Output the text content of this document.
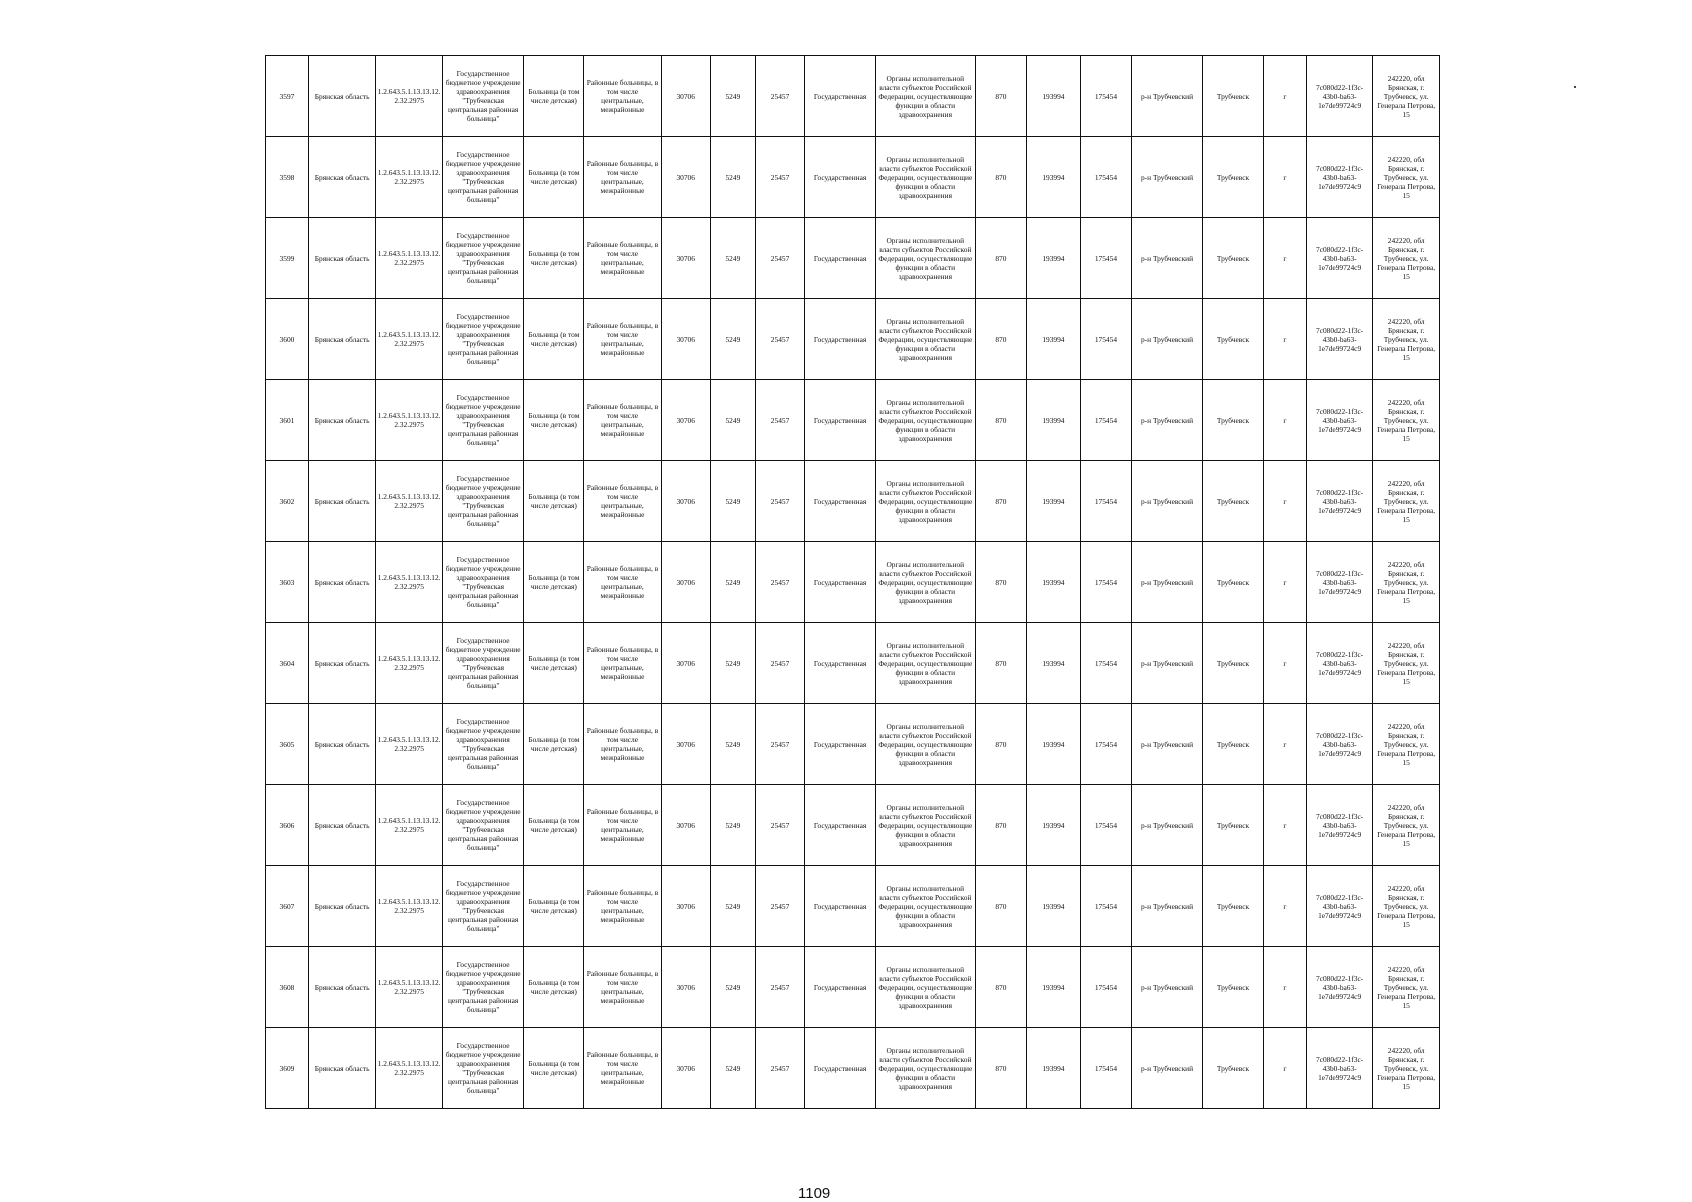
3597	Брянская область	1.2.643.5.1.13.13.12.2.32.2975	Государственное бюджетное учреждение здравоохранения "Трубчевская центральная районная больница"	Больница (в том числе детская)	Районные больницы, в том числе центральные, межрайонные	30706	5249	25457	Государственная	Органы исполнительной власти субъектов Российской Федерации, осуществляющие функции в области здравоохранения	870	193994	175454	р-н Трубчевский	Трубчевск	г	7c080d22-1f3c-43b0-ba63-1e7de99724c9	242220, обл Брянская, г. Трубчевск, ул. Генерала Петрова, 15
3598	Брянская область	1.2.643.5.1.13.13.12.2.32.2975	Государственное бюджетное учреждение здравоохранения "Трубчевская центральная районная больница"	Больница (в том числе детская)	Районные больницы, в том числе центральные, межрайонные	30706	5249	25457	Государственная	Органы исполнительной власти субъектов Российской Федерации, осуществляющие функции в области здравоохранения	870	193994	175454	р-н Трубчевский	Трубчевск	г	7c080d22-1f3c-43b0-ba63-1e7de99724c9	242220, обл Брянская, г. Трубчевск, ул. Генерала Петрова, 15
3599	Брянская область	1.2.643.5.1.13.13.12.2.32.2975	Государственное бюджетное учреждение здравоохранения "Трубчевская центральная районная больница"	Больница (в том числе детская)	Районные больницы, в том числе центральные, межрайонные	30706	5249	25457	Государственная	Органы исполнительной власти субъектов Российской Федерации, осуществляющие функции в области здравоохранения	870	193994	175454	р-н Трубчевский	Трубчевск	г	7c080d22-1f3c-43b0-ba63-1e7de99724c9	242220, обл Брянская, г. Трубчевск, ул. Генерала Петрова, 15
3600	Брянская область	1.2.643.5.1.13.13.12.2.32.2975	Государственное бюджетное учреждение здравоохранения "Трубчевская центральная районная больница"	Больница (в том числе детская)	Районные больницы, в том числе центральные, межрайонные	30706	5249	25457	Государственная	Органы исполнительной власти субъектов Российской Федерации, осуществляющие функции в области здравоохранения	870	193994	175454	р-н Трубчевский	Трубчевск	г	7c080d22-1f3c-43b0-ba63-1e7de99724c9	242220, обл Брянская, г. Трубчевск, ул. Генерала Петрова, 15
3601	Брянская область	1.2.643.5.1.13.13.12.2.32.2975	Государственное бюджетное учреждение здравоохранения "Трубчевская центральная районная больница"	Больница (в том числе детская)	Районные больницы, в том числе центральные, межрайонные	30706	5249	25457	Государственная	Органы исполнительной власти субъектов Российской Федерации, осуществляющие функции в области здравоохранения	870	193994	175454	р-н Трубчевский	Трубчевск	г	7c080d22-1f3c-43b0-ba63-1e7de99724c9	242220, обл Брянская, г. Трубчевск, ул. Генерала Петрова, 15
3602	Брянская область	1.2.643.5.1.13.13.12.2.32.2975	Государственное бюджетное учреждение здравоохранения "Трубчевская центральная районная больница"	Больница (в том числе детская)	Районные больницы, в том числе центральные, межрайонные	30706	5249	25457	Государственная	Органы исполнительной власти субъектов Российской Федерации, осуществляющие функции в области здравоохранения	870	193994	175454	р-н Трубчевский	Трубчевск	г	7c080d22-1f3c-43b0-ba63-1e7de99724c9	242220, обл Брянская, г. Трубчевск, ул. Генерала Петрова, 15
3603	Брянская область	1.2.643.5.1.13.13.12.2.32.2975	Государственное бюджетное учреждение здравоохранения "Трубчевская центральная районная больница"	Больница (в том числе детская)	Районные больницы, в том числе центральные, межрайонные	30706	5249	25457	Государственная	Органы исполнительной власти субъектов Российской Федерации, осуществляющие функции в области здравоохранения	870	193994	175454	р-н Трубчевский	Трубчевск	г	7c080d22-1f3c-43b0-ba63-1e7de99724c9	242220, обл Брянская, г. Трубчевск, ул. Генерала Петрова, 15
3604	Брянская область	1.2.643.5.1.13.13.12.2.32.2975	Государственное бюджетное учреждение здравоохранения "Трубчевская центральная районная больница"	Больница (в том числе детская)	Районные больницы, в том числе центральные, межрайонные	30706	5249	25457	Государственная	Органы исполнительной власти субъектов Российской Федерации, осуществляющие функции в области здравоохранения	870	193994	175454	р-н Трубчевский	Трубчевск	г	7c080d22-1f3c-43b0-ba63-1e7de99724c9	242220, обл Брянская, г. Трубчевск, ул. Генерала Петрова, 15
3605	Брянская область	1.2.643.5.1.13.13.12.2.32.2975	Государственное бюджетное учреждение здравоохранения "Трубчевская центральная районная больница"	Больница (в том числе детская)	Районные больницы, в том числе центральные, межрайонные	30706	5249	25457	Государственная	Органы исполнительной власти субъектов Российской Федерации, осуществляющие функции в области здравоохранения	870	193994	175454	р-н Трубчевский	Трубчевск	г	7c080d22-1f3c-43b0-ba63-1e7de99724c9	242220, обл Брянская, г. Трубчевск, ул. Генерала Петрова, 15
3606	Брянская область	1.2.643.5.1.13.13.12.2.32.2975	Государственное бюджетное учреждение здравоохранения "Трубчевская центральная районная больница"	Больница (в том числе детская)	Районные больницы, в том числе центральные, межрайонные	30706	5249	25457	Государственная	Органы исполнительной власти субъектов Российской Федерации, осуществляющие функции в области здравоохранения	870	193994	175454	р-н Трубчевский	Трубчевск	г	7c080d22-1f3c-43b0-ba63-1e7de99724c9	242220, обл Брянская, г. Трубчевск, ул. Генерала Петрова, 15
3607	Брянская область	1.2.643.5.1.13.13.12.2.32.2975	Государственное бюджетное учреждение здравоохранения "Трубчевская центральная районная больница"	Больница (в том числе детская)	Районные больницы, в том числе центральные, межрайонные	30706	5249	25457	Государственная	Органы исполнительной власти субъектов Российской Федерации, осуществляющие функции в области здравоохранения	870	193994	175454	р-н Трубчевский	Трубчевск	г	7c080d22-1f3c-43b0-ba63-1e7de99724c9	242220, обл Брянская, г. Трубчевск, ул. Генерала Петрова, 15
3608	Брянская область	1.2.643.5.1.13.13.12.2.32.2975	Государственное бюджетное учреждение здравоохранения "Трубчевская центральная районная больница"	Больница (в том числе детская)	Районные больницы, в том числе центральные, межрайонные	30706	5249	25457	Государственная	Органы исполнительной власти субъектов Российской Федерации, осуществляющие функции в области здравоохранения	870	193994	175454	р-н Трубчевский	Трубчевск	г	7c080d22-1f3c-43b0-ba63-1e7de99724c9	242220, обл Брянская, г. Трубчевск, ул. Генерала Петрова, 15
3609	Брянская область	1.2.643.5.1.13.13.12.2.32.2975	Государственное бюджетное учреждение здравоохранения "Трубчевская центральная районная больница"	Больница (в том числе детская)	Районные больницы, в том числе центральные, межрайонные	30706	5249	25457	Государственная	Органы исполнительной власти субъектов Российской Федерации, осуществляющие функции в области здравоохранения	870	193994	175454	р-н Трубчевский	Трубчевск	г	7c080d22-1f3c-43b0-ba63-1e7de99724c9	242220, обл Брянская, г. Трубчевск, ул. Генерала Петрова, 15
1109
